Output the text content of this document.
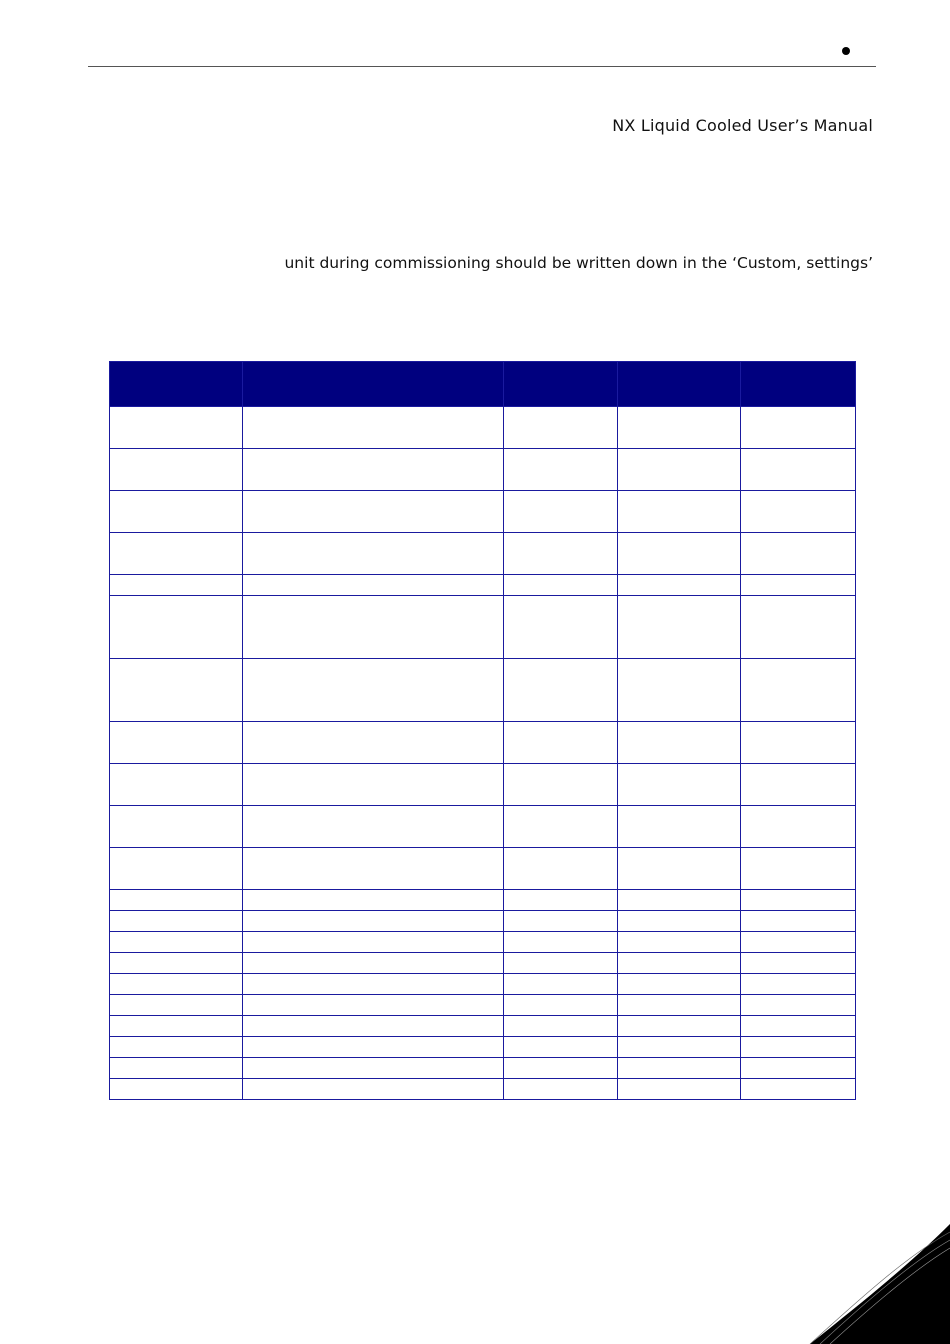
NX Liquid Cooled User’s Manual
unit during commissioning should be written down in the ‘Custom, settings’
